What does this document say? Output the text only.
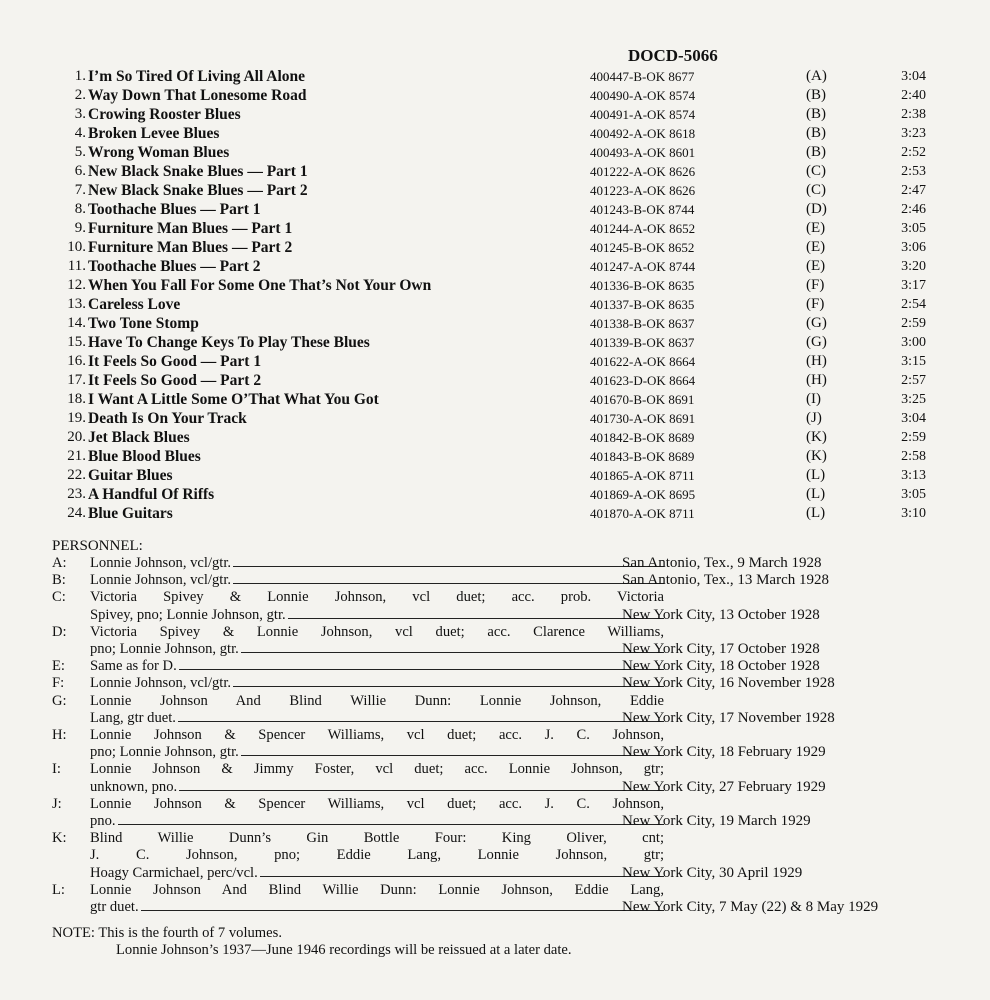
DOCD-5066
1. I’m So Tired Of Living All Alone	400447-B-OK 8677	(A)	3:04
2. Way Down That Lonesome Road	400490-A-OK 8574	(B)	2:40
3. Crowing Rooster Blues	400491-A-OK 8574	(B)	2:38
4. Broken Levee Blues	400492-A-OK 8618	(B)	3:23
5. Wrong Woman Blues	400493-A-OK 8601	(B)	2:52
6. New Black Snake Blues — Part 1	401222-A-OK 8626	(C)	2:53
7. New Black Snake Blues — Part 2	401223-A-OK 8626	(C)	2:47
8. Toothache Blues — Part 1	401243-B-OK 8744	(D)	2:46
9. Furniture Man Blues — Part 1	401244-A-OK 8652	(E)	3:05
10. Furniture Man Blues — Part 2	401245-B-OK 8652	(E)	3:06
11. Toothache Blues — Part 2	401247-A-OK 8744	(E)	3:20
12. When You Fall For Some One That’s Not Your Own	401336-B-OK 8635	(F)	3:17
13. Careless Love	401337-B-OK 8635	(F)	2:54
14. Two Tone Stomp	401338-B-OK 8637	(G)	2:59
15. Have To Change Keys To Play These Blues	401339-B-OK 8637	(G)	3:00
16. It Feels So Good — Part 1	401622-A-OK 8664	(H)	3:15
17. It Feels So Good — Part 2	401623-D-OK 8664	(H)	2:57
18. I Want A Little Some O’That What You Got	401670-B-OK 8691	(I)	3:25
19. Death Is On Your Track	401730-A-OK 8691	(J)	3:04
20. Jet Black Blues	401842-B-OK 8689	(K)	2:59
21. Blue Blood Blues	401843-B-OK 8689	(K)	2:58
22. Guitar Blues	401865-A-OK 8711	(L)	3:13
23. A Handful Of Riffs	401869-A-OK 8695	(L)	3:05
24. Blue Guitars	401870-A-OK 8711	(L)	3:10
PERSONNEL:
A:	Lonnie Johnson, vcl/gtr.	San Antonio, Tex., 9 March 1928
B:	Lonnie Johnson, vcl/gtr.	San Antonio, Tex., 13 March 1928
C:	Victoria Spivey & Lonnie Johnson, vcl duet; acc. prob. Victoria
Spivey, pno; Lonnie Johnson, gtr.	New York City, 13 October 1928
D:	Victoria Spivey & Lonnie Johnson, vcl duet; acc. Clarence Williams,
pno; Lonnie Johnson, gtr.	New York City, 17 October 1928
E:	Same as for D.	New York City, 18 October 1928
F:	Lonnie Johnson, vcl/gtr.	New York City, 16 November 1928
G:	Lonnie Johnson And Blind Willie Dunn: Lonnie Johnson, Eddie
Lang, gtr duet.	New York City, 17 November 1928
H:	Lonnie Johnson & Spencer Williams, vcl duet; acc. J. C. Johnson,
pno; Lonnie Johnson, gtr.	New York City, 18 February 1929
I:	Lonnie Johnson & Jimmy Foster, vcl duet; acc. Lonnie Johnson, gtr;
unknown, pno.	New York City, 27 February 1929
J:	Lonnie Johnson & Spencer Williams, vcl duet; acc. J. C. Johnson,
pno.	New York City, 19 March 1929
K:	Blind Willie Dunn’s Gin Bottle Four: King Oliver, cnt;
J. C. Johnson, pno; Eddie Lang, Lonnie Johnson, gtr;
Hoagy Carmichael, perc/vcl.	New York City, 30 April 1929
L:	Lonnie Johnson And Blind Willie Dunn: Lonnie Johnson, Eddie Lang,
gtr duet.	New York City, 7 May (22) & 8 May 1929
NOTE: This is the fourth of 7 volumes.
Lonnie Johnson’s 1937—June 1946 recordings will be reissued at a later date.
